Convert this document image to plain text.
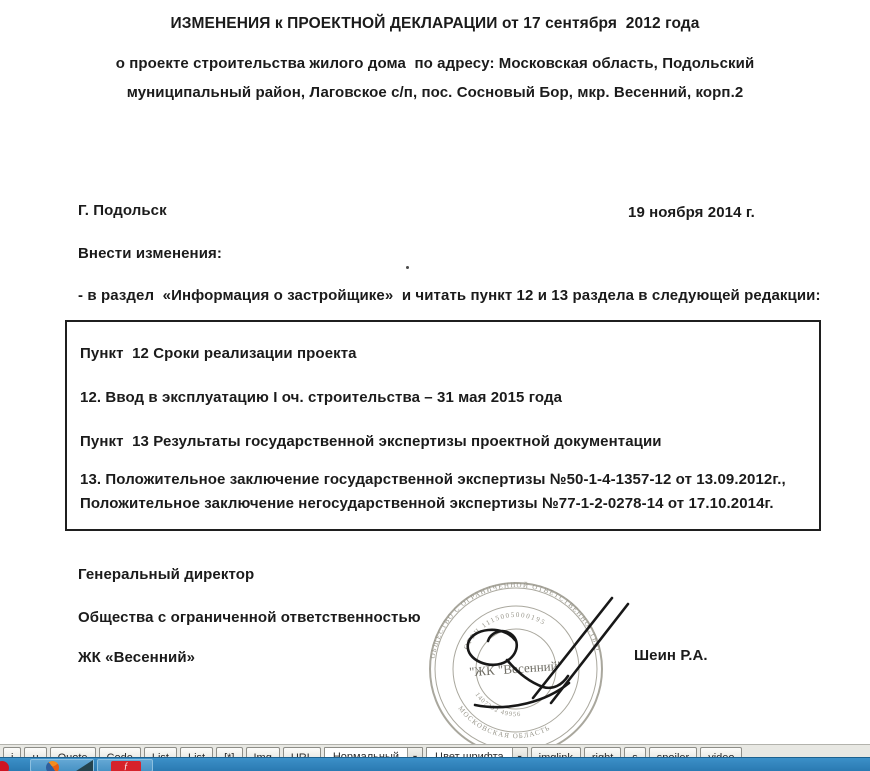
ИЗМЕНЕНИЯ к ПРОЕКТНОЙ ДЕКЛАРАЦИИ от 17 сентября  2012 года
о проекте строительства жилого дома  по адресу: Московская область, Подольский
муниципальный район, Лаговское с/п, пос. Сосновый Бор, мкр. Весенний, корп.2
Г. Подольск	19 ноября 2014 г.
Внести изменения:
- в раздел  «Информация о застройщике»  и читать пункт 12 и 13 раздела в следующей редакции:
Пункт  12 Сроки реализации проекта
12. Ввод в эксплуатацию I оч. строительства – 31 мая 2015 года
Пункт  13 Результаты государственной экспертизы проектной документации
13. Положительное заключение государственной экспертизы №50-1-4-1357-12 от 13.09.2012г., Положительное заключение негосударственной экспертизы №77-1-2-0278-14 от 17.10.2014г.
Генеральный директор
Общества с ограниченной ответственностью
ЖК «Весенний»	Шеин Р.А.
ОБЩЕСТВО С ОГРАНИЧЕННОЙ ОТВЕТСТВЕННОСТЬЮ
ОГРН 1115005000195
1407292 49956
МОСКОВСКАЯ ОБЛАСТЬ
"ЖК "Весенний"
ƒ
